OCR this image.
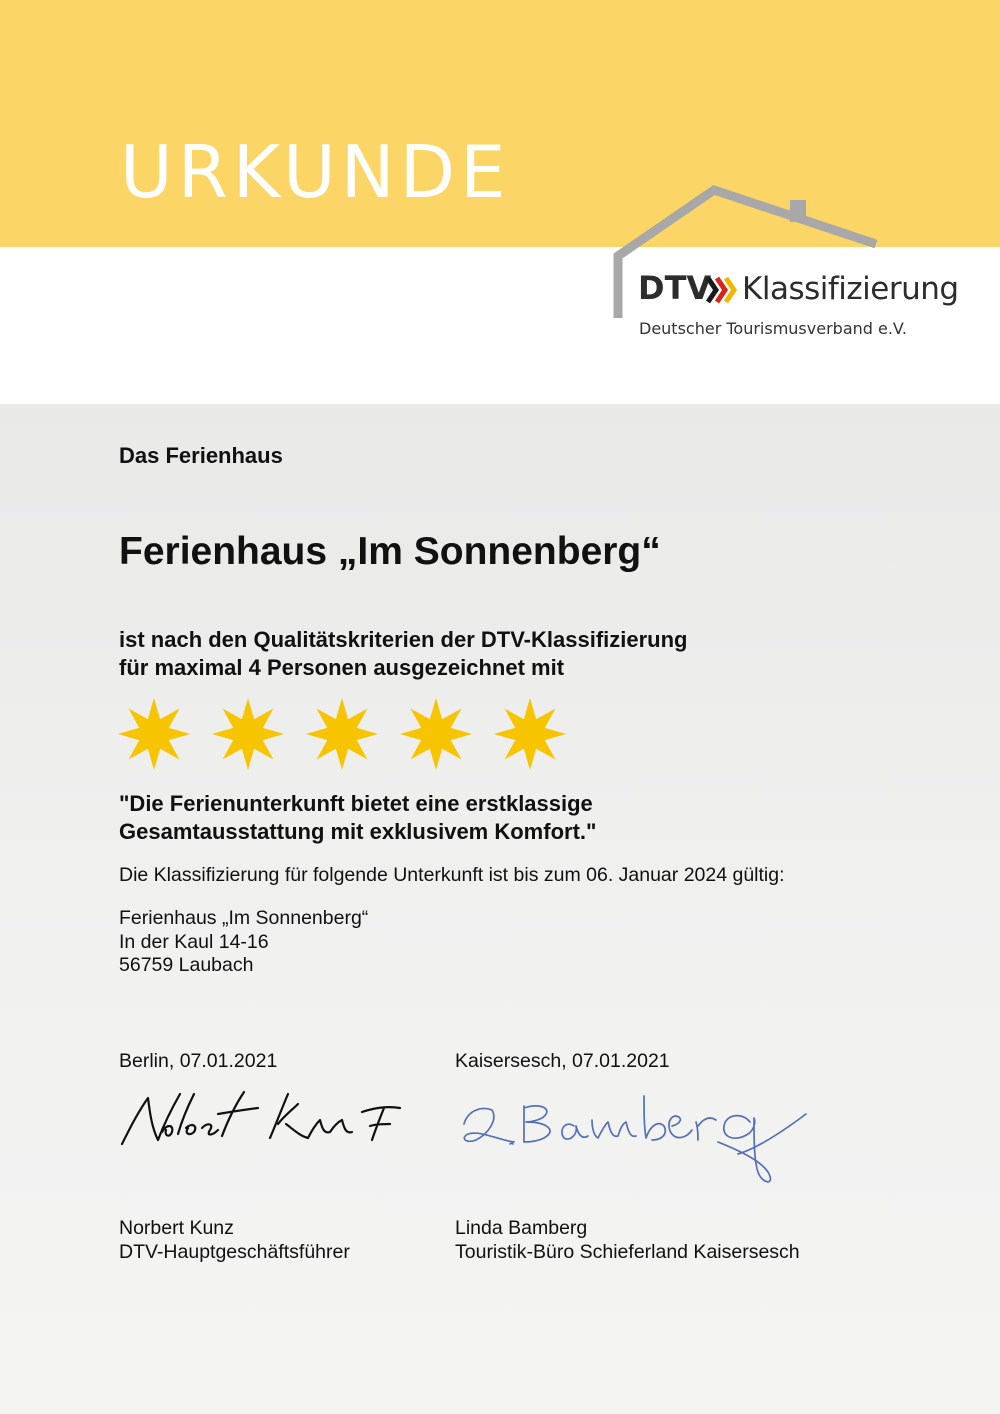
URKUNDE
DTV Klassifizierung
Deutscher Tourismusverband e.V.
Das Ferienhaus
Ferienhaus „Im Sonnenberg“
ist nach den Qualitätskriterien der DTV-Klassifizierung
für maximal 4 Personen ausgezeichnet mit
"Die Ferienunterkunft bietet eine erstklassige
Gesamtausstattung mit exklusivem Komfort."
Die Klassifizierung für folgende Unterkunft ist bis zum 06. Januar 2024 gültig:
Ferienhaus „Im Sonnenberg“
In der Kaul 14-16
56759 Laubach
Berlin, 07.01.2021	Kaisersesch, 07.01.2021
Norbert Kunz
DTV-Hauptgeschäftsführer
Linda Bamberg
Touristik-Büro Schieferland Kaisersesch
